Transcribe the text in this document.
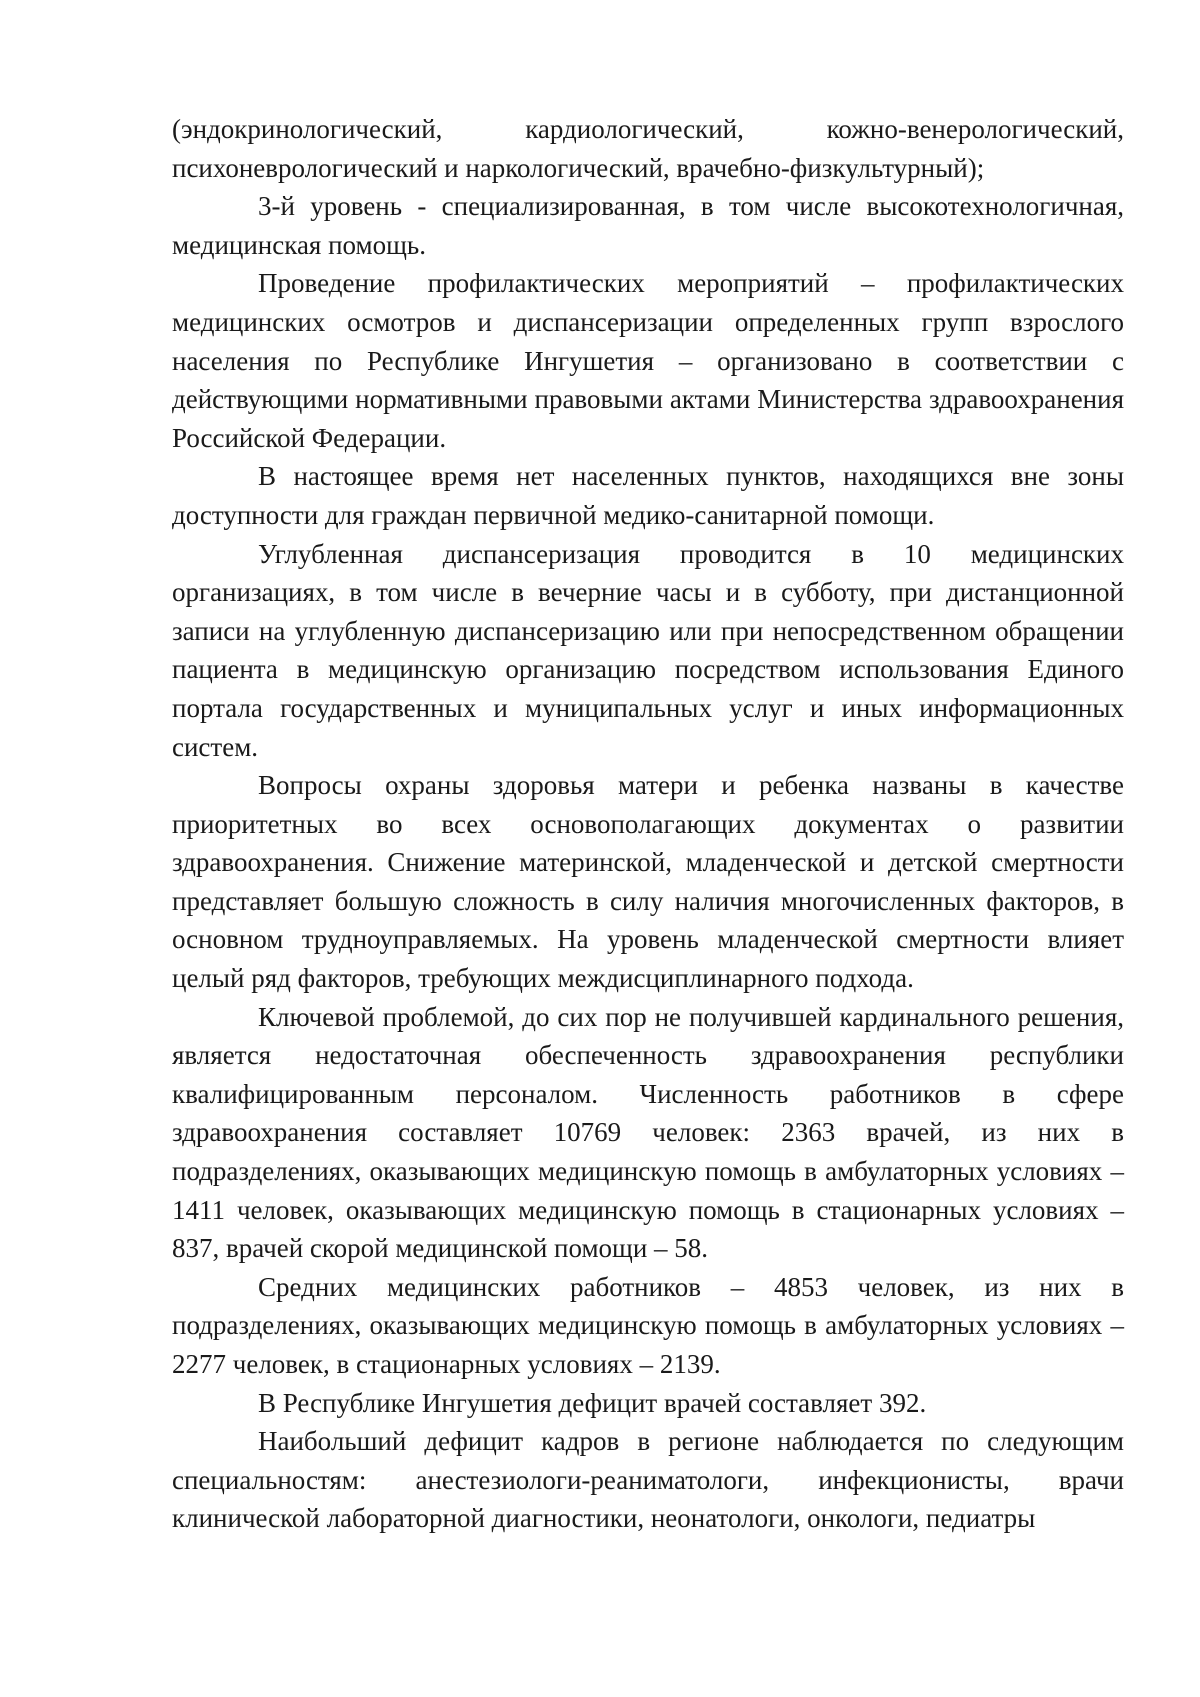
(эндокринологический, кардиологический, кожно-венерологический, психоневрологический и наркологический, врачебно-физкультурный);

3-й уровень - специализированная, в том числе высокотехнологичная, медицинская помощь.

Проведение профилактических мероприятий – профилактических медицинских осмотров и диспансеризации определенных групп взрослого населения по Республике Ингушетия – организовано в соответствии с действующими нормативными правовыми актами Министерства здравоохранения Российской Федерации.

В настоящее время нет населенных пунктов, находящихся вне зоны доступности для граждан первичной медико-санитарной помощи.

Углубленная диспансеризация проводится в 10 медицинских организациях, в том числе в вечерние часы и в субботу, при дистанционной записи на углубленную диспансеризацию или при непосредственном обращении пациента в медицинскую организацию посредством использования Единого портала государственных и муниципальных услуг и иных информационных систем.

Вопросы охраны здоровья матери и ребенка названы в качестве приоритетных во всех основополагающих документах о развитии здравоохранения. Снижение материнской, младенческой и детской смертности представляет большую сложность в силу наличия многочисленных факторов, в основном трудноуправляемых. На уровень младенческой смертности влияет целый ряд факторов, требующих междисциплинарного подхода.

Ключевой проблемой, до сих пор не получившей кардинального решения, является недостаточная обеспеченность здравоохранения республики квалифицированным персоналом. Численность работников в сфере здравоохранения составляет 10769 человек: 2363 врачей, из них в подразделениях, оказывающих медицинскую помощь в амбулаторных условиях – 1411 человек, оказывающих медицинскую помощь в стационарных условиях – 837, врачей скорой медицинской помощи – 58.

Средних медицинских работников – 4853 человек, из них в подразделениях, оказывающих медицинскую помощь в амбулаторных условиях – 2277 человек, в стационарных условиях – 2139.

В Республике Ингушетия дефицит врачей составляет 392.

Наибольший дефицит кадров в регионе наблюдается по следующим специальностям: анестезиологи-реаниматологи, инфекционисты, врачи клинической лабораторной диагностики, неонатологи, онкологи, педиатры
